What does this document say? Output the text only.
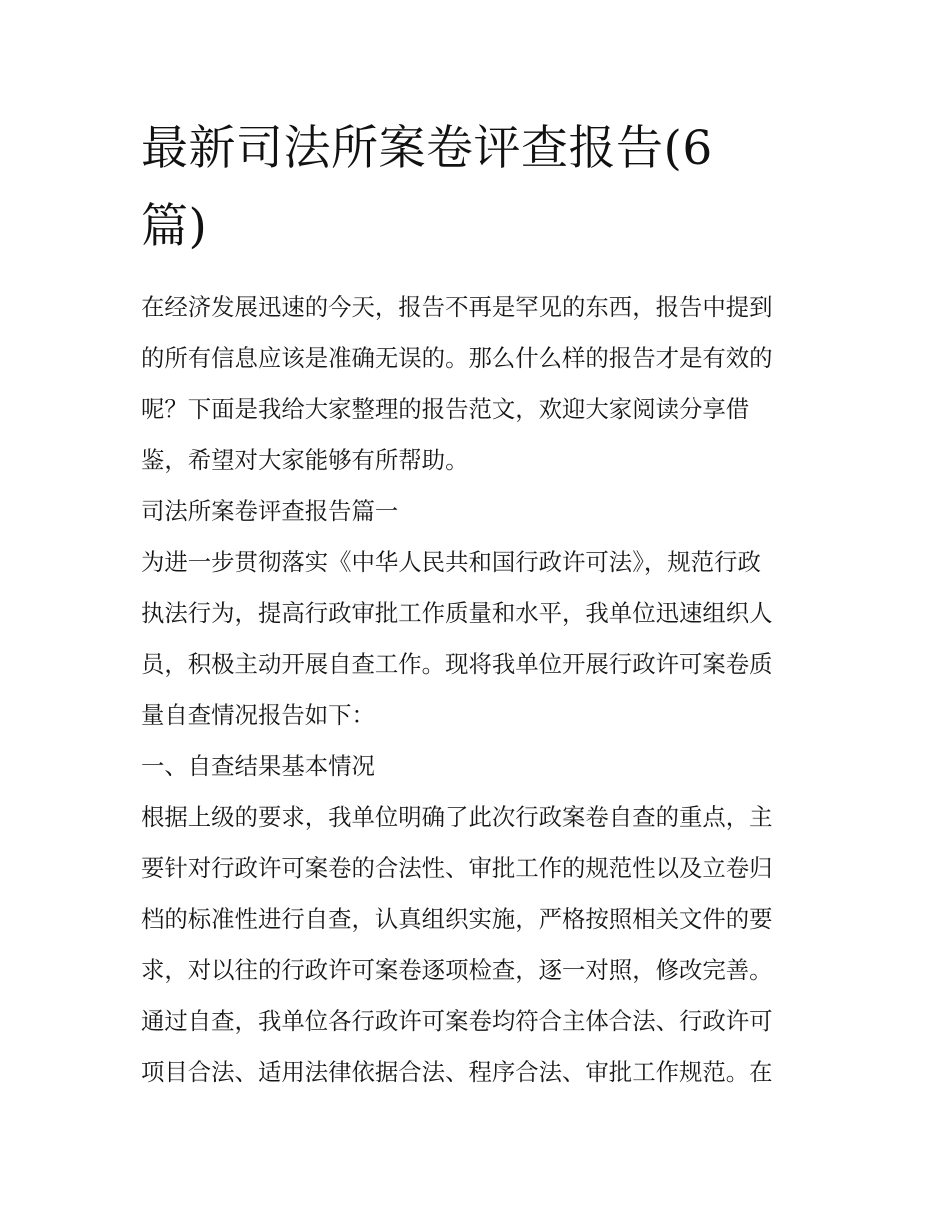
最新司法所案卷评查报告(6
篇)
在经济发展迅速的今天，报告不再是罕见的东西，报告中提到
的所有信息应该是准确无误的。那么什么样的报告才是有效的
呢？下面是我给大家整理的报告范文，欢迎大家阅读分享借
鉴，希望对大家能够有所帮助。
司法所案卷评查报告篇一
为进一步贯彻落实《中华人民共和国行政许可法》，规范行政
执法行为，提高行政审批工作质量和水平，我单位迅速组织人
员，积极主动开展自查工作。现将我单位开展行政许可案卷质
量自查情况报告如下：
一、自查结果基本情况
根据上级的要求，我单位明确了此次行政案卷自查的重点，主
要针对行政许可案卷的合法性、审批工作的规范性以及立卷归
档的标准性进行自查，认真组织实施，严格按照相关文件的要
求，对以往的行政许可案卷逐项检查，逐一对照，修改完善。
通过自查，我单位各行政许可案卷均符合主体合法、行政许可
项目合法、适用法律依据合法、程序合法、审批工作规范。在
